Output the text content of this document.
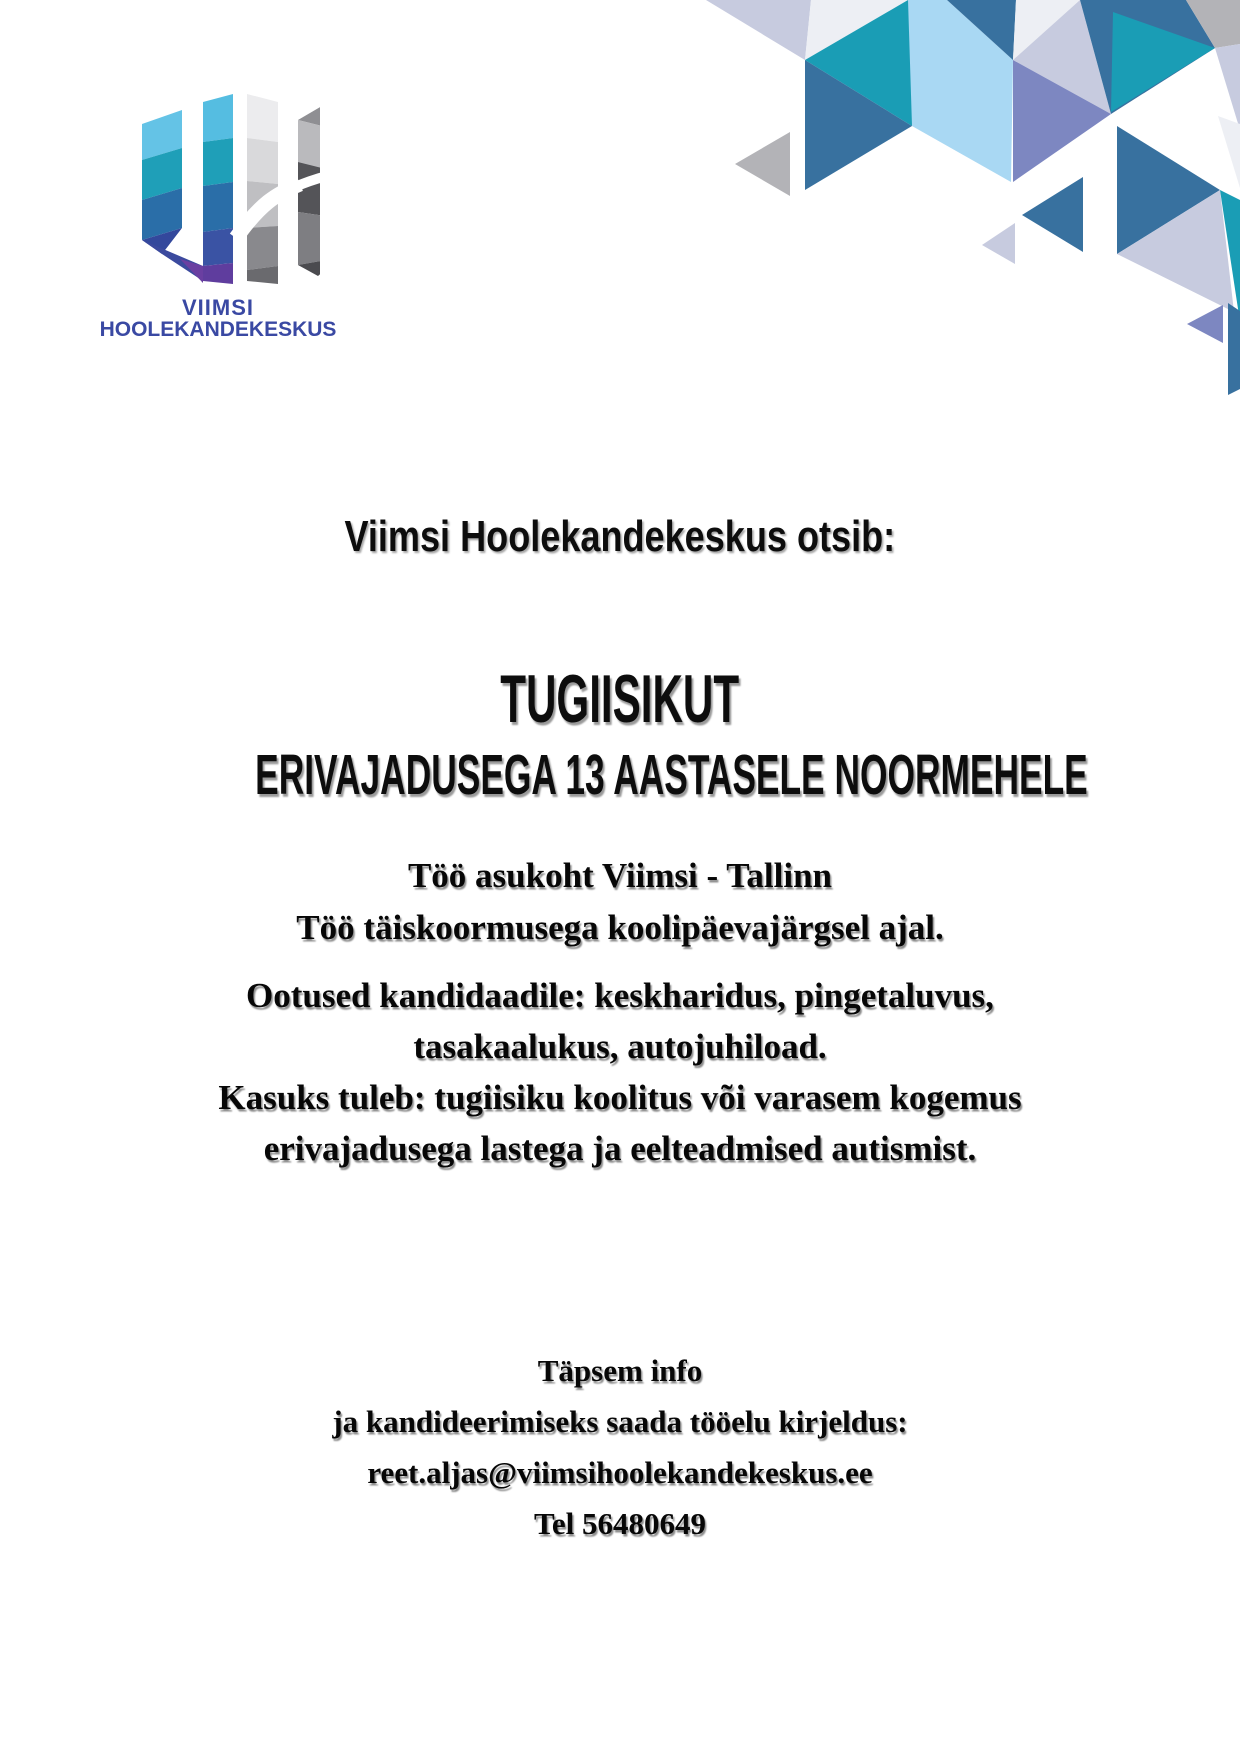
VIIMSI
HOOLEKANDEKESKUS
Viimsi Hoolekandekeskus otsib:
TUGIISIKUT
ERIVAJADUSEGA 13 AASTASELE NOORMEHELE
Töö asukoht Viimsi - Tallinn
Töö täiskoormusega koolipäevajärgsel ajal.
Ootused kandidaadile: keskharidus, pingetaluvus,
tasakaalukus, autojuhiload.
Kasuks tuleb: tugiisiku koolitus või varasem kogemus
erivajadusega lastega ja eelteadmised autismist.
Täpsem info
ja kandideerimiseks saada tööelu kirjeldus:
reet.aljas@viimsihoolekandekeskus.ee
Tel 56480649
